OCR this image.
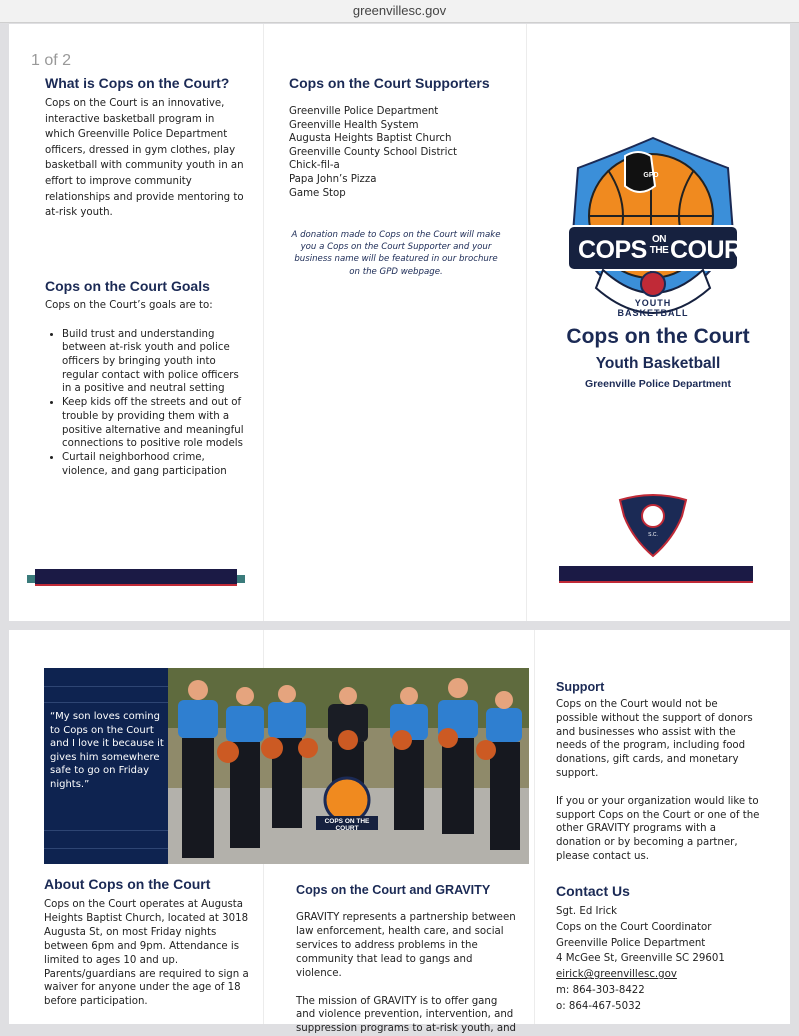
greenvillesc.gov
1 of 2
What is Cops on the Court?
Cops on the Court is an innovative, interactive basketball program in which Greenville Police Department officers, dressed in gym clothes, play basketball with community youth in an effort to improve community relationships and provide mentoring to at-risk youth.
Cops on the Court Goals
Cops on the Court’s goals are to:
• Build trust and understanding between at-risk youth and police officers by bringing youth into regular contact with police officers in a positive and neutral setting
• Keep kids off the streets and out of trouble by providing them with a positive alternative and meaningful connections to positive role models
• Curtail neighborhood crime, violence, and gang participation
Cops on the Court Supporters
Greenville Police Department
Greenville Health System
Augusta Heights Baptist Church
Greenville County School District
Chick-fil-a
Papa John’s Pizza
Game Stop
A donation made to Cops on the Court will make you a Cops on the Court Supporter and your business name will be featured in our brochure on the GPD webpage.
GPD
COPS ON
THE COURT
YOUTH BASKETBALL
Cops on the Court
Youth Basketball
Greenville Police Department
S.C.
“My son loves coming to Cops on the Court and I love it because it gives him somewhere safe to go on Friday nights.”
COPS ON THE COURT
About Cops on the Court
Cops on the Court operates at Augusta Heights Baptist Church, located at 3018 Augusta St, on most Friday nights between 6pm and 9pm. Attendance is limited to ages 10 and up. Parents/guardians are required to sign a waiver for anyone under the age of 18 before participation.
Cops on the Court and GRAVITY
GRAVITY represents a partnership between law enforcement, health care, and social services to address problems in the community that lead to gangs and violence.
The mission of GRAVITY is to offer gang and violence prevention, intervention, and suppression programs to at-risk youth, and
Support
Cops on the Court would not be possible without the support of donors and businesses who assist with the needs of the program, including food donations, gift cards, and monetary support.
If you or your organization would like to support Cops on the Court or one of the other GRAVITY programs with a donation or by becoming a partner, please contact us.
Contact Us
Sgt. Ed Irick
Cops on the Court Coordinator
Greenville Police Department
4 McGee St, Greenville SC 29601
eirick@greenvillesc.gov
m: 864-303-8422
o: 864-467-5032
